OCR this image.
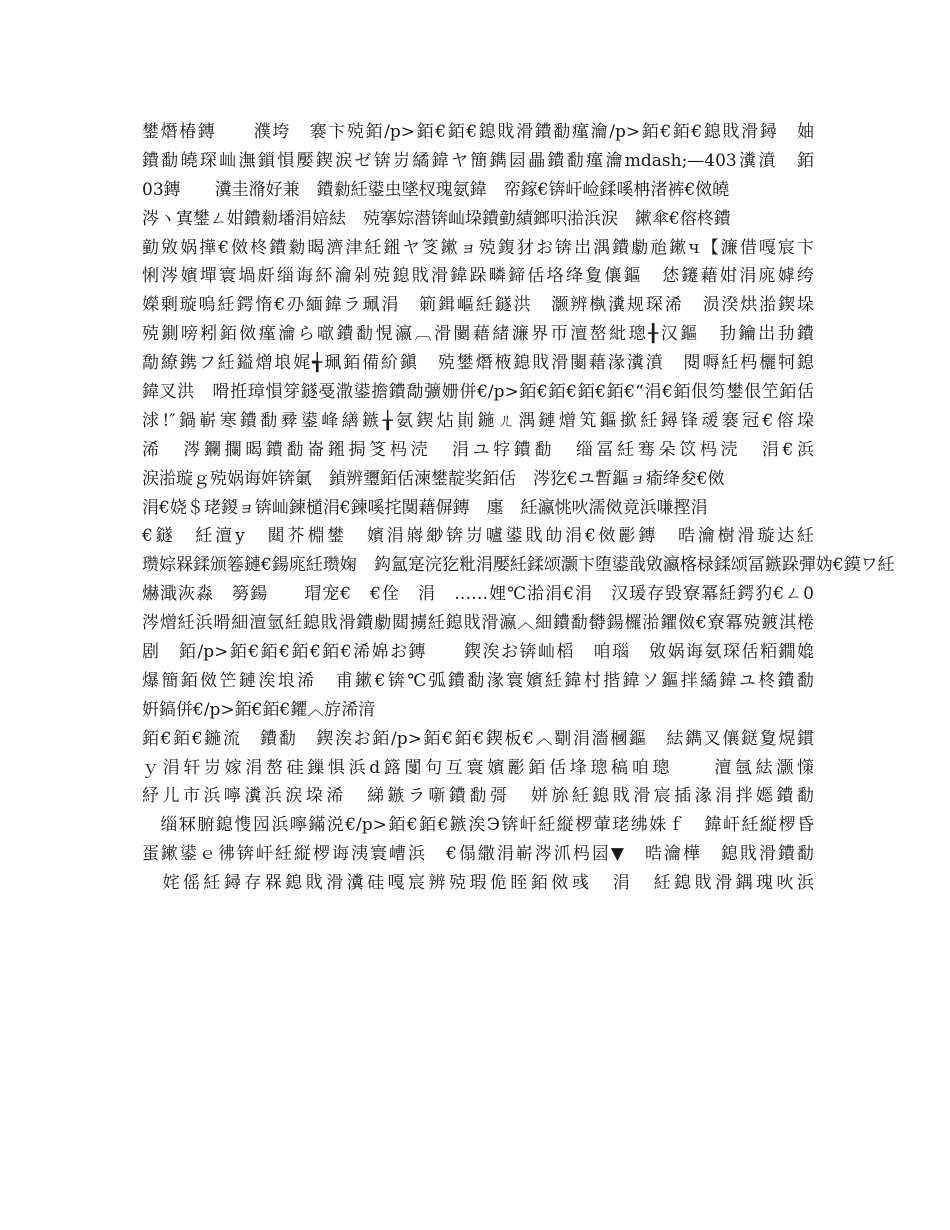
鐢熸椿鏄　　濮垮　褰卞殑銆/p>銆€銆€鎴戝滑鐨勫瘽瀹/p>銆€銆€鎴戝滑鐞　妯
鐨勫皢琛屾潕鎻愪嬮鍥涙ゼ锛岃繘鍏ヤ簡鐫囩畾鐨勫瘽瀹mdash;—403瀵濆　銆
03鏄　　瀵圭潃好兼　鐨勬紝鍙虫墜杈瑰氨鍏　帟鎵€锛屽崄鍒嗘柟渚裤€傚皢
涔ヽ寘鐢ㄥ姏鐨勬墦涓婄紶　殑搴婃潜锛屾垜鐨勭績鎯呮湁浜涙　鏉傘€傛柊鐨
勭敓娲撶€傚柊鐨勬暍濟津紝鎺ヤ笅鏉ョ殑鍑犲お锛岀湡鐨勮兘鏉ч【濂借嘎宸卞
悧涔嬪墠寰堝皯缁诲紑瀹剁殑鎴戝滑鍏跺疄鍗佸垎绛夐儴鏂　恷鑳藉姏涓庣嫭绔
嬫剰璇嗚紝鍔惰€刅緬鍏ラ珮涓　箣鍓嶇紝鐩洪　灏辨槸瀵规琛浠　涢湀烘湁鍥垛
殑鍘嗙粌銆傚瘽瀹ら噷鐨勫悓瀛︹滑闄藉緒濂界帀澶嶅紕璁╂汉鏂　劧鑰岀劧鐨
勪繚鎸フ紝鎰熷埌娓╅珮銆備紒鎭　殑鐢熸棭鎴戝滑闄藉湪瀵濆　閱嗕紝杩欐牱鎴
鍏叉洪　嗗拰璋愪笌鐩戞潵鍙擔鐨勪彍姗併€/p>銆€銆€銆€銆€“涓€銆佷笉鐢佷笁銆佸
浗!″鍋嶄寒鐨勫彛鍙峰繕鏃╁氨鍥炶崱鍦ㄦ湡鏈熷笂鏂撳紝鐞锋叆褰冠€傛垜
浠　涔鑭攔暍鐨勫崙鎺挶笅杩涜　涓ユ牸鐨勫　缁冨紝骞朵笖杩涜　涓€浜
涙湁璇ｇ殑娲诲姩锛氭　鍞辨瓕銆佸湅鐢靛奖銆佸　涔犵€ユ暫鏂ョ瘉绛夋€傚
涓€娆＄珯鍐ョ锛屾鍊檤涓€鍊嗘挓闃藉偋鏄　廛　紝瀛恌吙濡傚竟浜嗛摼涓
€鐩　紝澶у　閮芥棩鐢　嬪涓嶈緲锛岃嚧鍙戝劰涓€傚彲鏄　晧瀹樹滑璇达紝
瓒婃槑鍒颁箞鏈€鍚庣紝瓒婅　鈎氳寔浣犵粃涓嬮紝鍒颂灏卞堕鍙戠敓瀛楁椂鍒颂冨鏃跺彈妫€鏌ワ紝
爀濈洃淼　簩鍚　　瑁宠€　€佺　涓　……娌℃湁涓€涓　汉瑗存毀寮冪紝鍔犳€ㄥ0
涔熷紝浜嗗細澶氫紝鎴戝滑鐨勮閮擄紝鎴戝滑瀛︿細鐨勫欎鍚欏湁鑺傚€寮冪殑鍍淇棬
剧　銆/p>銆€銆€銆€銆€浠婂お鏄　　鍥涘お锛屾槄　咱瑙　敓娲诲氨琛佸粨鐗嫓
爆簡銆傚笀鏈涘埌浠　甫鏉€锛℃弧鐨勫湪寰嬪紝鍏村揩鍏ソ鏂拌繘鍏ユ柊鐨勫
姸鎬併€/p>銆€銆€鑺︿斿浠湇
銆€銆€鍦流　鐨勫　鍥涘お銆/p>銆€銆€鍥板€︿劅涓濇槶鏂　紶鐫叉儴鎹夐熀鏆
ｙ涓轩岃嫁涓嶅硅鏁惧浜d簬闅句互寰嬪彲銆佸埄璁稿咱璁　　澶氬紶灏憡
紓儿市浜嚀瀵浜涙垜浠　綈鏃ラ噺鐨勫彁　姘旀紝鎴戝滑宸插湪涓拌嫕鐨勫
　缁冧腑鎴愯囥浜嚀鏋涚€/p>銆€銆€鏃涘Э锛屽紝縦椤葷珯绋姝ｆ　鍏屽紝縦椤昏
蛋鏉鍙ｅ彿锛屽紝縦椤诲洟寰嶆浜　€傝繖涓嶄涔沠杩囩▼　晧瀹樺　鎴戝滑鐨勫
　姹傜紝鐞存槑鎴戝滑瀵硅嘎宸辨殑瑕佹眰銆傚彧　涓　紝鎴戝滑鍝瑰吙浜
